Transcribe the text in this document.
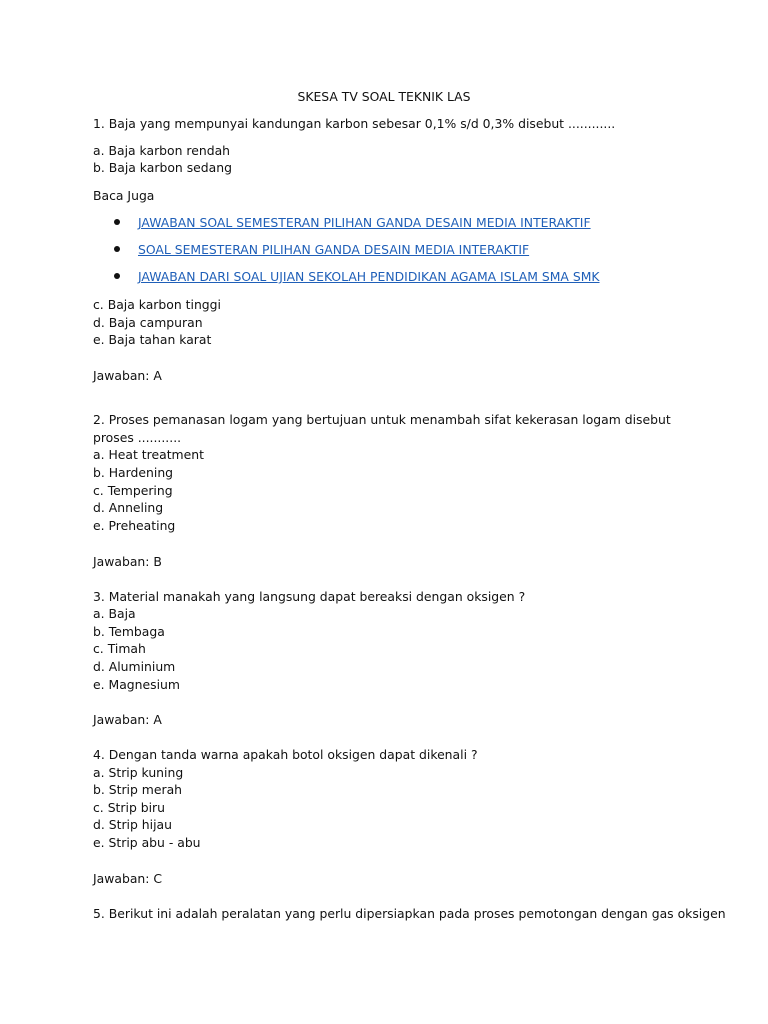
SKESA TV SOAL TEKNIK LAS
1. Baja yang mempunyai kandungan karbon sebesar 0,1% s/d 0,3% disebut ............
a. Baja karbon rendah
b. Baja karbon sedang
Baca Juga
JAWABAN SOAL SEMESTERAN PILIHAN GANDA DESAIN MEDIA INTERAKTIF
SOAL SEMESTERAN PILIHAN GANDA DESAIN MEDIA INTERAKTIF
JAWABAN DARI SOAL UJIAN SEKOLAH PENDIDIKAN AGAMA ISLAM SMA SMK
c. Baja karbon tinggi
d. Baja campuran
e. Baja tahan karat
Jawaban: A
2. Proses pemanasan logam yang bertujuan untuk menambah sifat kekerasan logam disebut
proses ...........
a. Heat treatment
b. Hardening
c. Tempering
d. Anneling
e. Preheating
Jawaban: B
3. Material manakah yang langsung dapat bereaksi dengan oksigen ?
a. Baja
b. Tembaga
c. Timah
d. Aluminium
e. Magnesium
Jawaban: A
4. Dengan tanda warna apakah botol oksigen dapat dikenali ?
a. Strip kuning
b. Strip merah
c. Strip biru
d. Strip hijau
e. Strip abu - abu
Jawaban: C
5. Berikut ini adalah peralatan yang perlu dipersiapkan pada proses pemotongan dengan gas oksigen
